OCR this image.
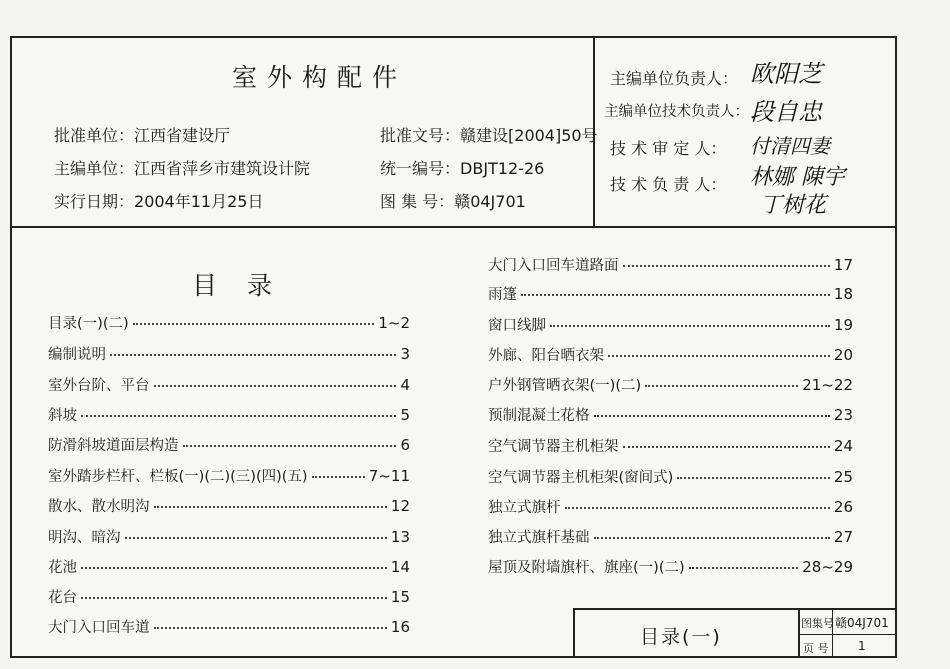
室外构配件
批准单位：江西省建设厅
主编单位：江西省萍乡市建筑设计院
实行日期：2004年11月25日
批准文号：赣建设[2004]50号
统一编号：DBJT12-26
图 集 号：赣04J701
主编单位负责人： 欧阳芝
主编单位技术负责人： 段自忠
技 术 审 定 人： 付清四妻
技 术 负 责 人： 林娜 陳宇
丁树花
目录
目录(一)(二)	1~2
编制说明	3
室外台阶、平台	4
斜坡	5
防滑斜坡道面层构造	6
室外踏步栏杆、栏板(一)(二)(三)(四)(五)	7~11
散水、散水明沟	12
明沟、暗沟	13
花池	14
花台	15
大门入口回车道	16
大门入口回车道路面	17
雨篷	18
窗口线脚	19
外廊、阳台晒衣架	20
户外钢管晒衣架(一)(二)	21~22
预制混凝土花格	23
空气调节器主机柜架	24
空气调节器主机柜架(窗间式)	25
独立式旗杆	26
独立式旗杆基础	27
屋顶及附墙旗杆、旗座(一)(二)	28~29
目录(一)
图集号 赣04J701
页 号 1
